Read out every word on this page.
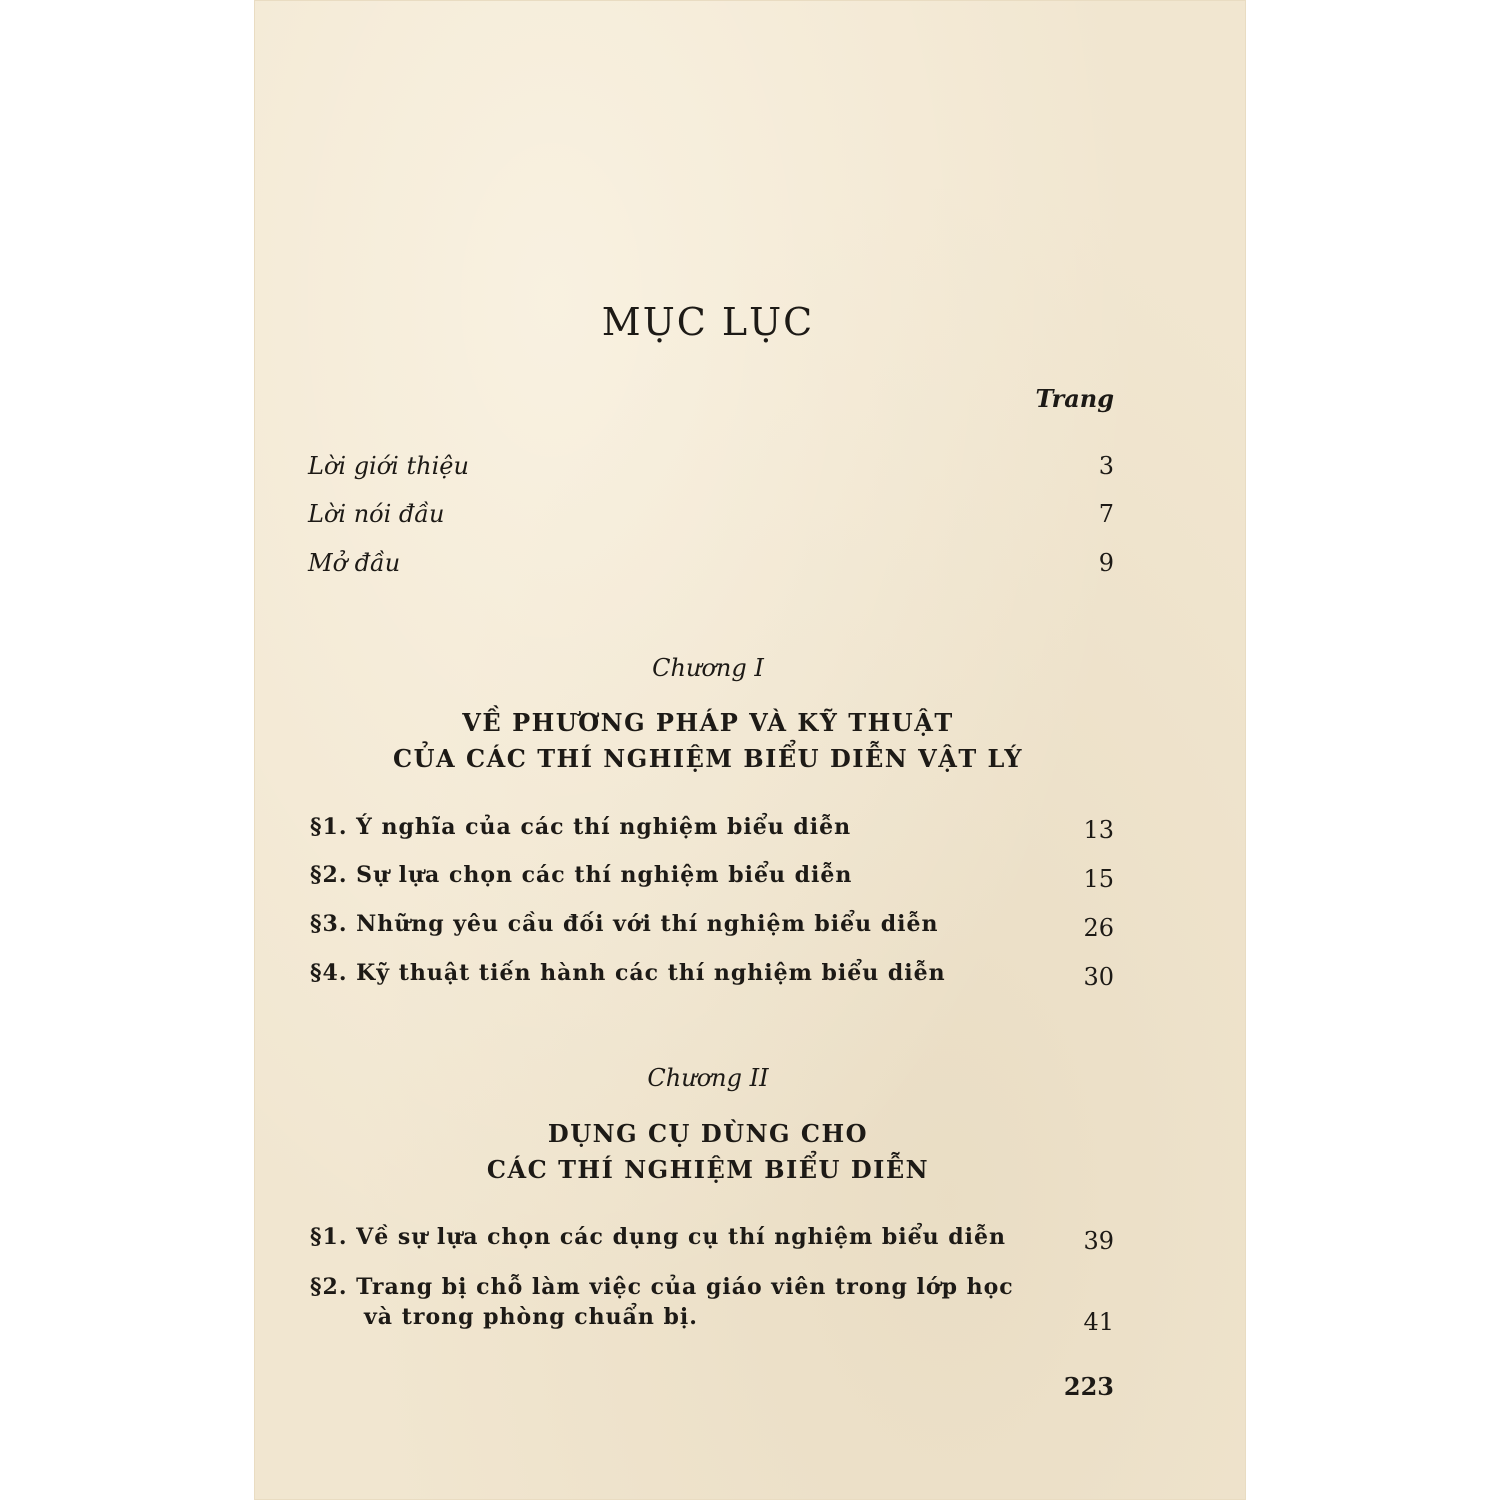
MỤC LỤC
Trang
Lời giới thiệu	3
Lời nói đầu	7
Mở đầu	9
Chương I
VỀ PHƯƠNG PHÁP VÀ KỸ THUẬT
CỦA CÁC THÍ NGHIỆM BIỂU DIỄN VẬT LÝ
§1. Ý nghĩa của các thí nghiệm biểu diễn	13
§2. Sự lựa chọn các thí nghiệm biểu diễn	15
§3. Những yêu cầu đối với thí nghiệm biểu diễn	26
§4. Kỹ thuật tiến hành các thí nghiệm biểu diễn	30
Chương II
DỤNG CỤ DÙNG CHO
CÁC THÍ NGHIỆM BIỂU DIỄN
§1. Về sự lựa chọn các dụng cụ thí nghiệm biểu diễn	39
§2. Trang bị chỗ làm việc của giáo viên trong lớp học
và trong phòng chuẩn bị.	41
223
